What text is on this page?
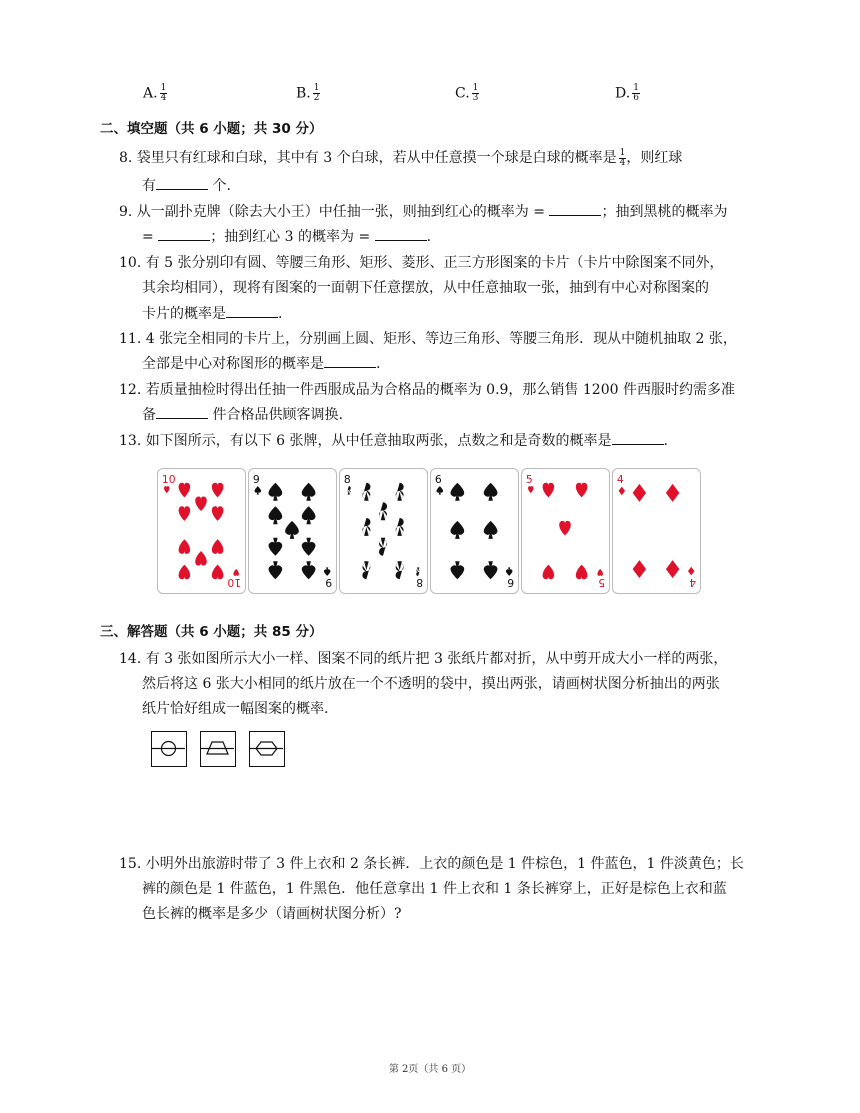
A. $\frac{1}{4}$	B. $\frac{1}{2}$	C. $\frac{1}{3}$	D. $\frac{1}{6}$
二、填空题（共 6 小题；共 30 分）
8. 袋里只有红球和白球，其中有 3 个白球，若从中任意摸一个球是白球的概率是 $\frac{1}{4}$ ，则红球
有	个.
9. 从一副扑克牌（除去大小王）中任抽一张，则抽到红心的概率为 =	；抽到黑桃的概率为
=	；抽到红心 3 的概率为 =	.
10. 有 5 张分别印有圆、等腰三角形、矩形、菱形、正三方形图案的卡片（卡片中除图案不同外，
其余均相同），现将有图案的一面朝下任意摆放，从中任意抽取一张，抽到有中心对称图案的
卡片的概率是	.
11. 4 张完全相同的卡片上，分别画上圆、矩形、等边三角形、等腰三角形．现从中随机抽取 2 张，
全部是中心对称图形的概率是	.
12. 若质量抽检时得出任抽一件西服成品为合格品的概率为 0.9，那么销售 1200 件西服时约需多准
备	件合格品供顾客调换.
13. 如下图所示，有以下 6 张牌，从中任意抽取两张，点数之和是奇数的概率是	.
10
10
9
9
8
8
6
6
5
5
4
4
三、解答题（共 6 小题；共 85 分）
14. 有 3 张如图所示大小一样、图案不同的纸片把 3 张纸片都对折，从中剪开成大小一样的两张，
然后将这 6 张大小相同的纸片放在一个不透明的袋中，摸出两张，请画树状图分析抽出的两张
纸片恰好组成一幅图案的概率.
15. 小明外出旅游时带了 3 件上衣和 2 条长裤．上衣的颜色是 1 件棕色，1 件蓝色，1 件淡黄色；长
裤的颜色是 1 件蓝色，1 件黑色．他任意拿出 1 件上衣和 1 条长裤穿上，正好是棕色上衣和蓝
色长裤的概率是多少（请画树状图分析）?
第 2页（共 6 页）
